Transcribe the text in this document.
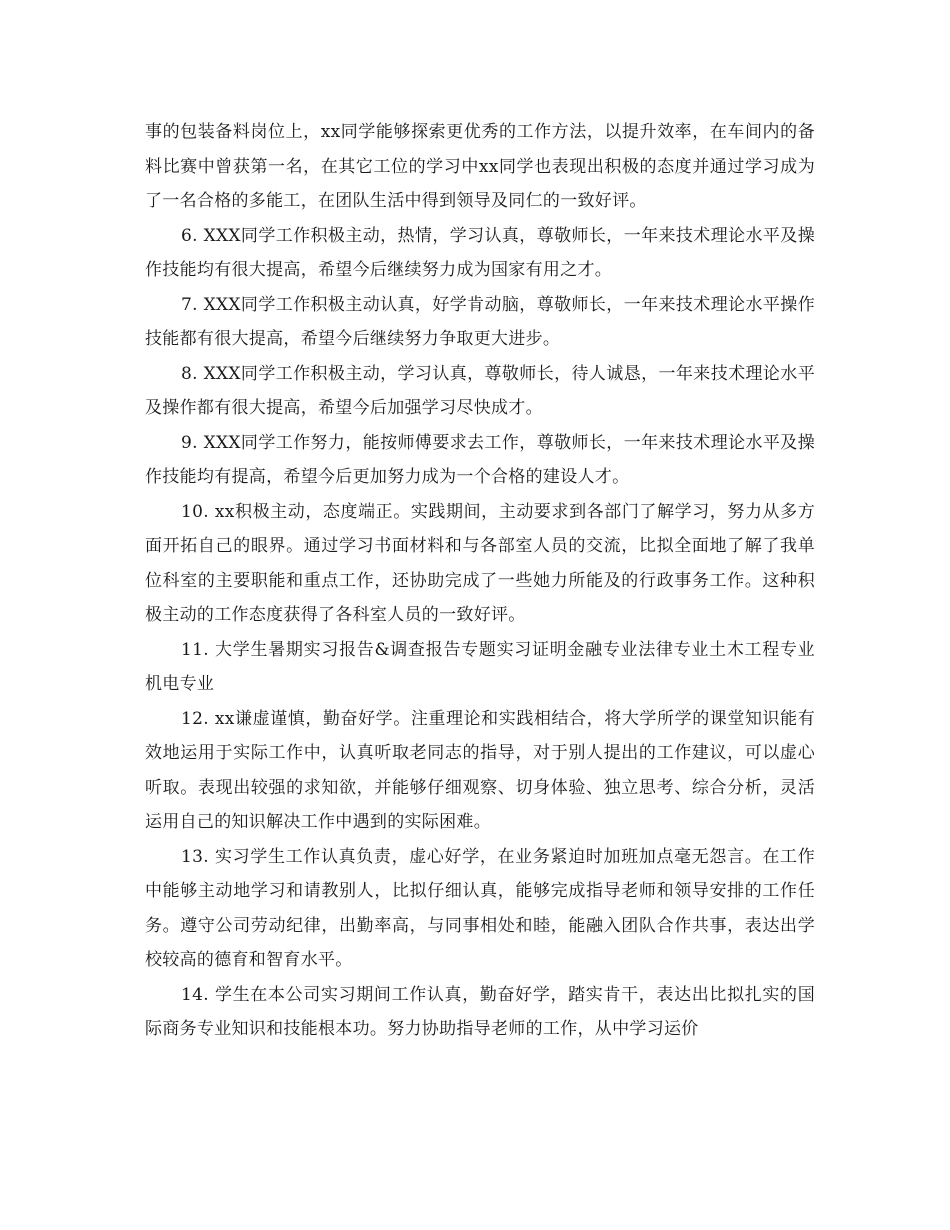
事的包装备料岗位上，xx同学能够探索更优秀的工作方法，以提升效率，在车间内的备料比赛中曾获第一名，在其它工位的学习中xx同学也表现出积极的态度并通过学习成为了一名合格的多能工，在团队生活中得到领导及同仁的一致好评。

6. XXX同学工作积极主动，热情，学习认真，尊敬师长，一年来技术理论水平及操作技能均有很大提高，希望今后继续努力成为国家有用之才。

7. XXX同学工作积极主动认真，好学肯动脑，尊敬师长，一年来技术理论水平操作技能都有很大提高，希望今后继续努力争取更大进步。

8. XXX同学工作积极主动，学习认真，尊敬师长，待人诚恳，一年来技术理论水平及操作都有很大提高，希望今后加强学习尽快成才。

9. XXX同学工作努力，能按师傅要求去工作，尊敬师长，一年来技术理论水平及操作技能均有提高，希望今后更加努力成为一个合格的建设人才。

10. xx积极主动，态度端正。实践期间，主动要求到各部门了解学习，努力从多方面开拓自己的眼界。通过学习书面材料和与各部室人员的交流，比拟全面地了解了我单位科室的主要职能和重点工作，还协助完成了一些她力所能及的行政事务工作。这种积极主动的工作态度获得了各科室人员的一致好评。

11. 大学生暑期实习报告&调查报告专题实习证明金融专业法律专业土木工程专业机电专业

12. xx谦虚谨慎，勤奋好学。注重理论和实践相结合，将大学所学的课堂知识能有效地运用于实际工作中，认真听取老同志的指导，对于别人提出的工作建议，可以虚心听取。表现出较强的求知欲，并能够仔细观察、切身体验、独立思考、综合分析，灵活运用自己的知识解决工作中遇到的实际困难。

13. 实习学生工作认真负责，虚心好学，在业务紧迫时加班加点毫无怨言。在工作中能够主动地学习和请教别人，比拟仔细认真，能够完成指导老师和领导安排的工作任务。遵守公司劳动纪律，出勤率高，与同事相处和睦，能融入团队合作共事，表达出学校较高的德育和智育水平。

14. 学生在本公司实习期间工作认真，勤奋好学，踏实肯干，表达出比拟扎实的国际商务专业知识和技能根本功。努力协助指导老师的工作，从中学习运价
